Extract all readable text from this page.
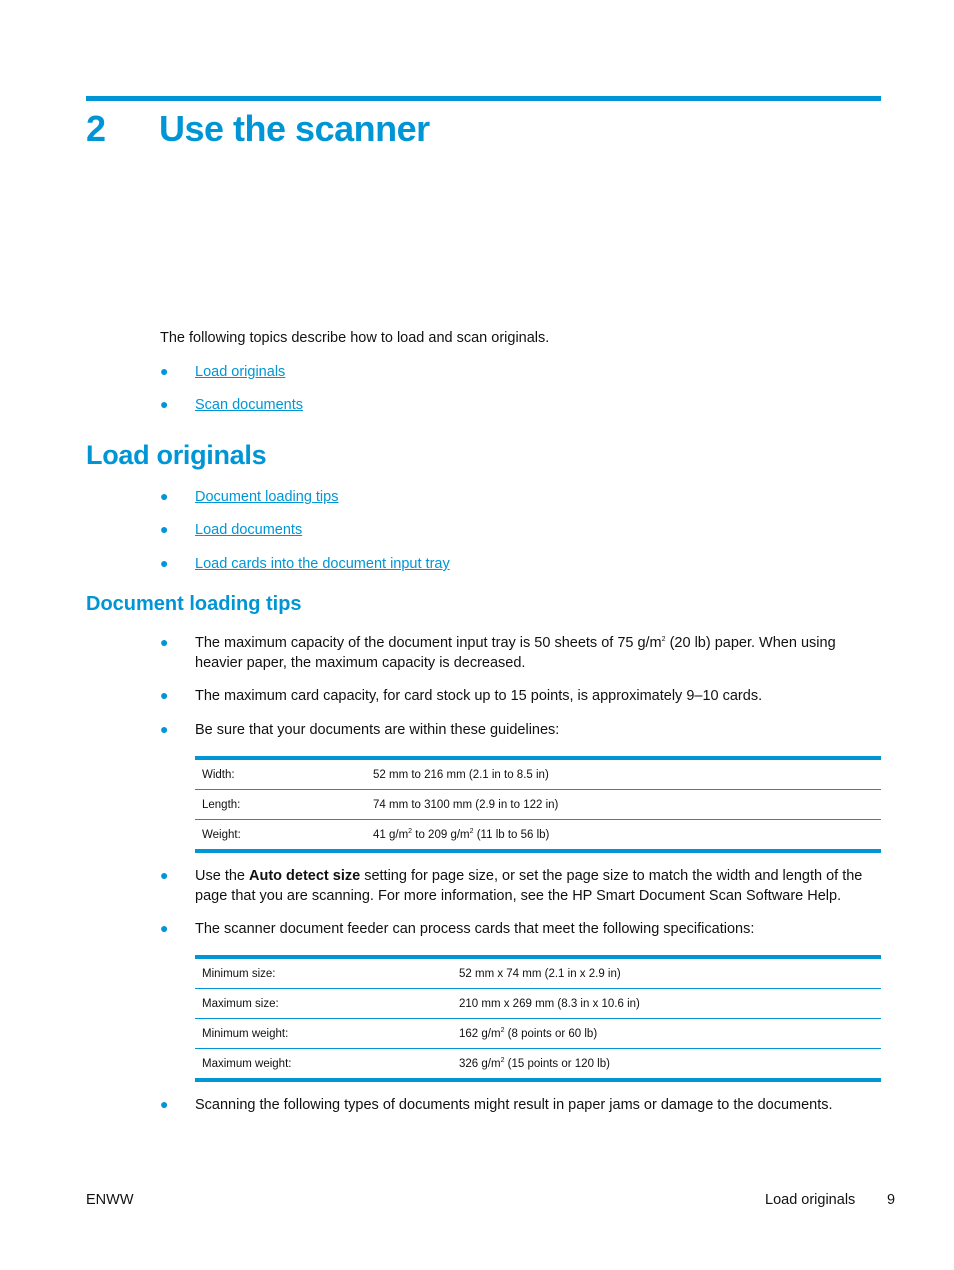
2 Use the scanner
The following topics describe how to load and scan originals.
● Load originals
● Scan documents
Load originals
● Document loading tips
● Load documents
● Load cards into the document input tray
Document loading tips
● The maximum capacity of the document input tray is 50 sheets of 75 $g/m^2$ (20 lb) paper. When using heavier paper, the maximum capacity is decreased.
● The maximum card capacity, for card stock up to 15 points, is approximately 9–10 cards.
● Be sure that your documents are within these guidelines:
Width:	52 mm to 216 mm (2.1 in to 8.5 in)
Length:	74 mm to 3100 mm (2.9 in to 122 in)
Weight:	41 $g/m^2$ to 209 $g/m^2$ (11 lb to 56 lb)
● Use the Auto detect size setting for page size, or set the page size to match the width and length of the page that you are scanning. For more information, see the HP Smart Document Scan Software Help.
● The scanner document feeder can process cards that meet the following specifications:
Minimum size:	52 mm x 74 mm (2.1 in x 2.9 in)
Maximum size:	210 mm x 269 mm (8.3 in x 10.6 in)
Minimum weight:	162 $g/m^2$ (8 points or 60 lb)
Maximum weight:	326 $g/m^2$ (15 points or 120 lb)
● Scanning the following types of documents might result in paper jams or damage to the documents.
ENWW	Load originals 9
